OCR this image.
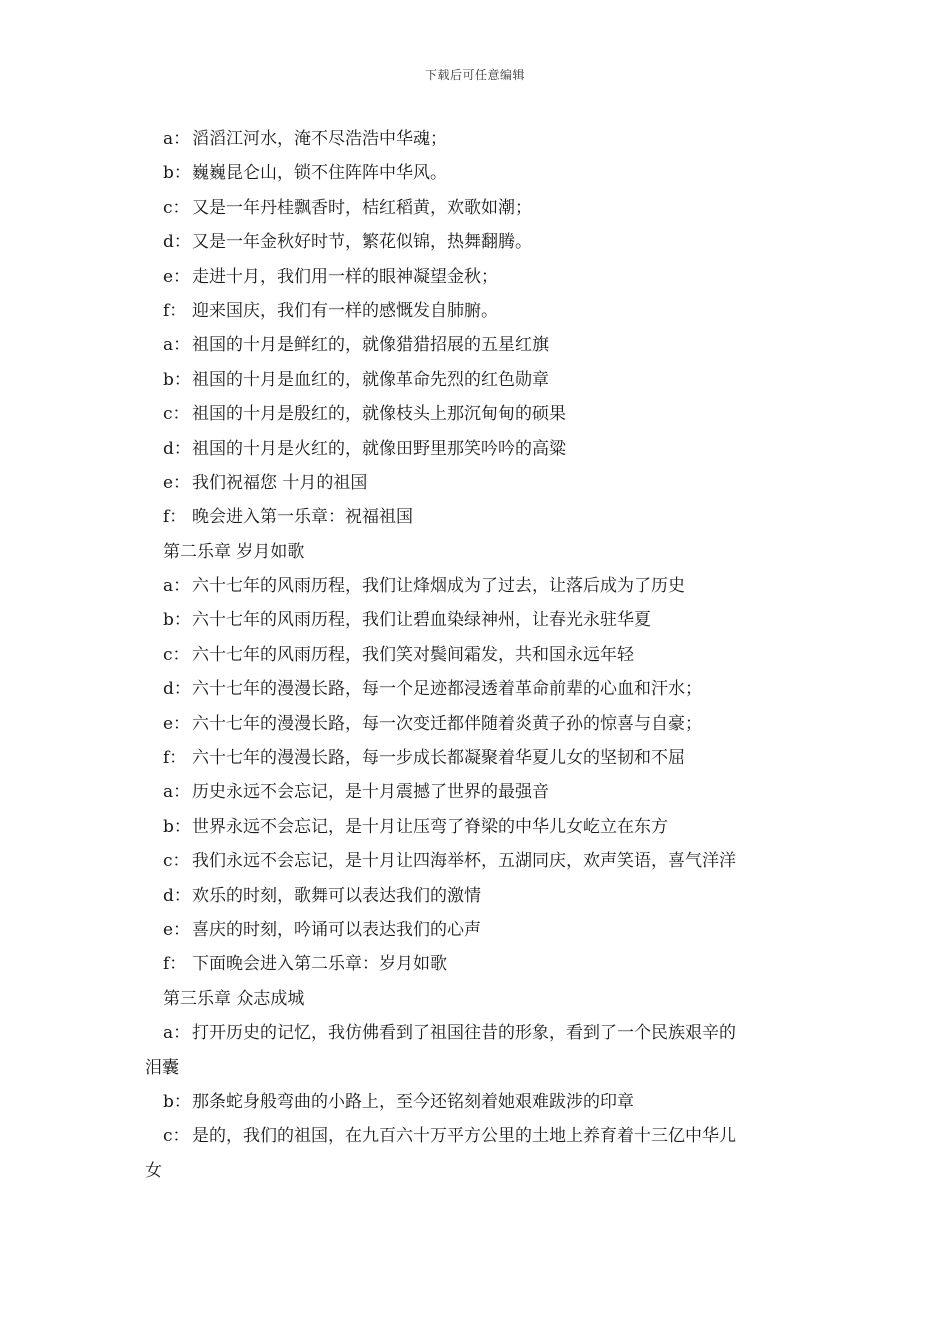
下载后可任意编辑
a： 滔滔江河水，淹不尽浩浩中华魂；
b：巍巍昆仑山，锁不住阵阵中华风。
c： 又是一年丹桂飘香时，桔红稻黄，欢歌如潮；
d：又是一年金秋好时节，繁花似锦，热舞翻腾。
e： 走进十月，我们用一样的眼神凝望金秋；
f： 迎来国庆，我们有一样的感慨发自肺腑。
a： 祖国的十月是鲜红的，就像猎猎招展的五星红旗
b：祖国的十月是血红的，就像革命先烈的红色勋章
c： 祖国的十月是殷红的，就像枝头上那沉甸甸的硕果
d：祖国的十月是火红的，就像田野里那笑吟吟的高粱
e： 我们祝福您 十月的祖国
f： 晚会进入第一乐章：祝福祖国
第二乐章 岁月如歌
a： 六十七年的风雨历程，我们让烽烟成为了过去，让落后成为了历史
b：六十七年的风雨历程，我们让碧血染绿神州，让春光永驻华夏
c： 六十七年的风雨历程，我们笑对鬓间霜发，共和国永远年轻
d：六十七年的漫漫长路，每一个足迹都浸透着革命前辈的心血和汗水；
e： 六十七年的漫漫长路，每一次变迁都伴随着炎黄子孙的惊喜与自豪；
f： 六十七年的漫漫长路，每一步成长都凝聚着华夏儿女的坚韧和不屈
a： 历史永远不会忘记，是十月震撼了世界的最强音
b：世界永远不会忘记，是十月让压弯了脊梁的中华儿女屹立在东方
c： 我们永远不会忘记，是十月让四海举杯，五湖同庆，欢声笑语，喜气洋洋
d：欢乐的时刻，歌舞可以表达我们的激情
e： 喜庆的时刻，吟诵可以表达我们的心声
f： 下面晚会进入第二乐章：岁月如歌
第三乐章 众志成城
a： 打开历史的记忆，我仿佛看到了祖国往昔的形象，看到了一个民族艰辛的
泪囊
b：那条蛇身般弯曲的小路上，至今还铭刻着她艰难跋涉的印章
c： 是的，我们的祖国，在九百六十万平方公里的土地上养育着十三亿中华儿
女
